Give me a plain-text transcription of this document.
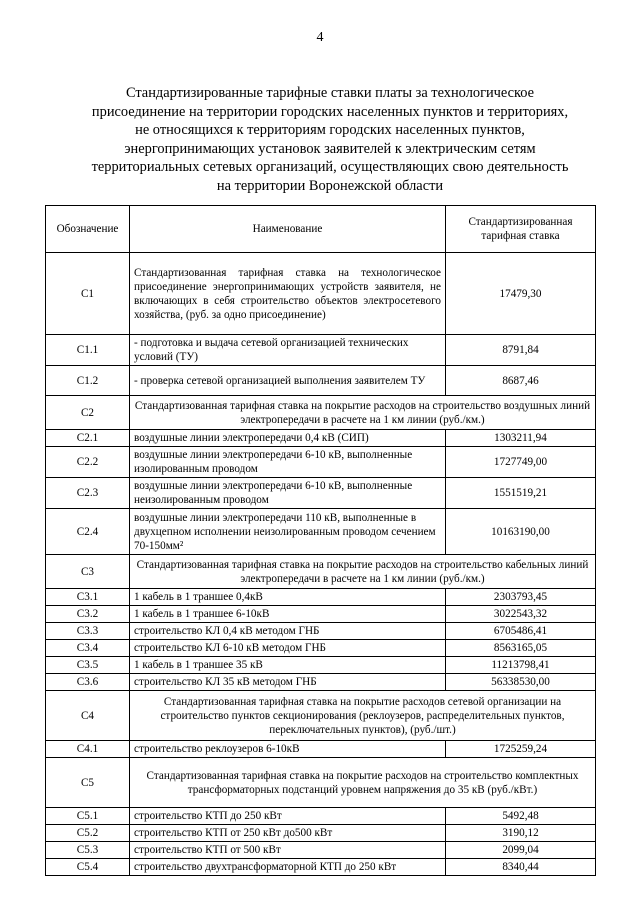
4
Стандартизированные тарифные ставки платы за технологическое
присоединение на территории городских населенных пунктов и территориях,
не относящихся к территориям городских населенных пунктов,
энергопринимающих установок заявителей к электрическим сетям
территориальных сетевых организаций, осуществляющих свою деятельность
на территории Воронежской области
Обозначение	Наименование	Стандартизированная тарифная ставка
С1	Стандартизованная тарифная ставка на технологическое присоединение энергопринимающих устройств заявителя, не включающих в себя строительство объектов электросетевого хозяйства, (руб. за одно присоединение)	17479,30
С1.1	- подготовка и выдача сетевой организацией технических условий (ТУ)	8791,84
С1.2	- проверка сетевой организацией выполнения заявителем ТУ	8687,46
С2	Стандартизованная тарифная ставка на покрытие расходов на строительство воздушных линий электропередачи в расчете на 1 км линии (руб./км.)	
С2.1	воздушные линии электропередачи 0,4 кВ (СИП)	1303211,94
С2.2	воздушные линии электропередачи 6-10 кВ, выполненные изолированным проводом	1727749,00
С2.3	воздушные линии электропередачи 6-10 кВ, выполненные неизолированным проводом	1551519,21
С2.4	воздушные линии электропередачи 110 кВ, выполненные в двухцепном исполнении неизолированным проводом сечением 70-150мм²	10163190,00
С3	Стандартизованная тарифная ставка на покрытие расходов на строительство кабельных линий электропередачи в расчете на 1 км линии (руб./км.)	
С3.1	1 кабель в 1 траншее 0,4кВ	2303793,45
С3.2	1 кабель в 1 траншее 6-10кВ	3022543,32
С3.3	строительство КЛ 0,4 кВ методом ГНБ	6705486,41
С3.4	строительство КЛ 6-10 кВ методом ГНБ	8563165,05
С3.5	1 кабель в 1 траншее 35 кВ	11213798,41
С3.6	строительство КЛ 35 кВ методом ГНБ	56338530,00
С4	Стандартизованная тарифная ставка на покрытие расходов сетевой организации на строительство пунктов секционирования (реклоузеров, распределительных пунктов, переключательных пунктов), (руб./шт.)	
С4.1	строительство реклоузеров 6-10кВ	1725259,24
С5	Стандартизованная тарифная ставка на покрытие расходов на строительство комплектных трансформаторных подстанций уровнем напряжения до 35 кВ (руб./кВт.)	
С5.1	строительство КТП до 250 кВт	5492,48
С5.2	строительство КТП от 250 кВт до500 кВт	3190,12
С5.3	строительство КТП от 500 кВт	2099,04
С5.4	строительство двухтрансформаторной КТП до 250 кВт	8340,44
